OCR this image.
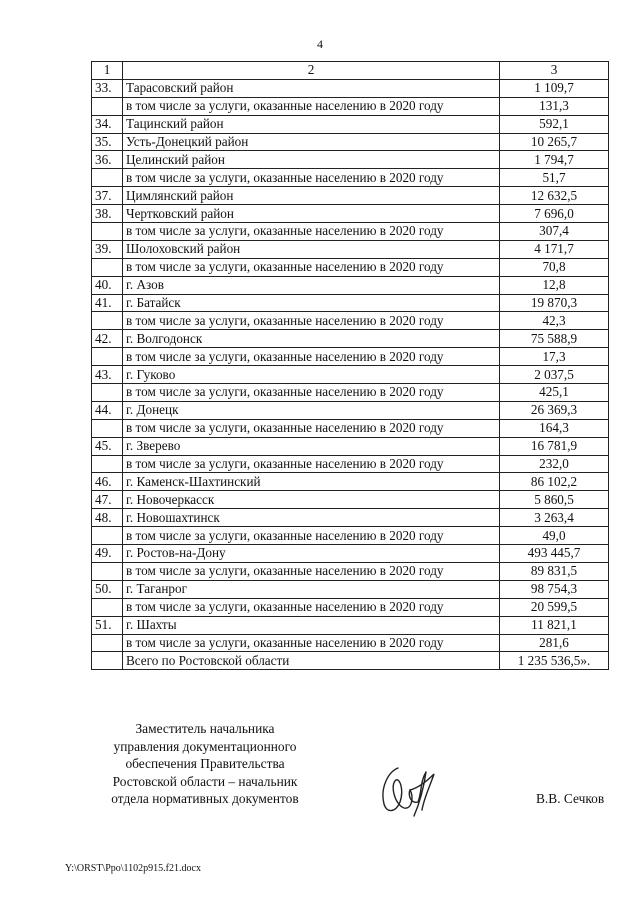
4
1	2	3
33.	Тарасовский район	1 109,7
	в том числе за услуги, оказанные населению в 2020 году	131,3
34.	Тацинский район	592,1
35.	Усть-Донецкий район	10 265,7
36.	Целинский район	1 794,7
	в том числе за услуги, оказанные населению в 2020 году	51,7
37.	Цимлянский район	12 632,5
38.	Чертковский район	7 696,0
	в том числе за услуги, оказанные населению в 2020 году	307,4
39.	Шолоховский район	4 171,7
	в том числе за услуги, оказанные населению в 2020 году	70,8
40.	г. Азов	12,8
41.	г. Батайск	19 870,3
	в том числе за услуги, оказанные населению в 2020 году	42,3
42.	г. Волгодонск	75 588,9
	в том числе за услуги, оказанные населению в 2020 году	17,3
43.	г. Гуково	2 037,5
	в том числе за услуги, оказанные населению в 2020 году	425,1
44.	г. Донецк	26 369,3
	в том числе за услуги, оказанные населению в 2020 году	164,3
45.	г. Зверево	16 781,9
	в том числе за услуги, оказанные населению в 2020 году	232,0
46.	г. Каменск-Шахтинский	86 102,2
47.	г. Новочеркасск	5 860,5
48.	г. Новошахтинск	3 263,4
	в том числе за услуги, оказанные населению в 2020 году	49,0
49.	г. Ростов-на-Дону	493 445,7
	в том числе за услуги, оказанные населению в 2020 году	89 831,5
50.	г. Таганрог	98 754,3
	в том числе за услуги, оказанные населению в 2020 году	20 599,5
51.	г. Шахты	11 821,1
	в том числе за услуги, оказанные населению в 2020 году	281,6
	Всего по Ростовской области	1 235 536,5».
Заместитель начальника
управления документационного
обеспечения Правительства
Ростовской области – начальник
отдела нормативных документов	В.В. Сечков
Y:\ORST\Ppo\1102p915.f21.docx
